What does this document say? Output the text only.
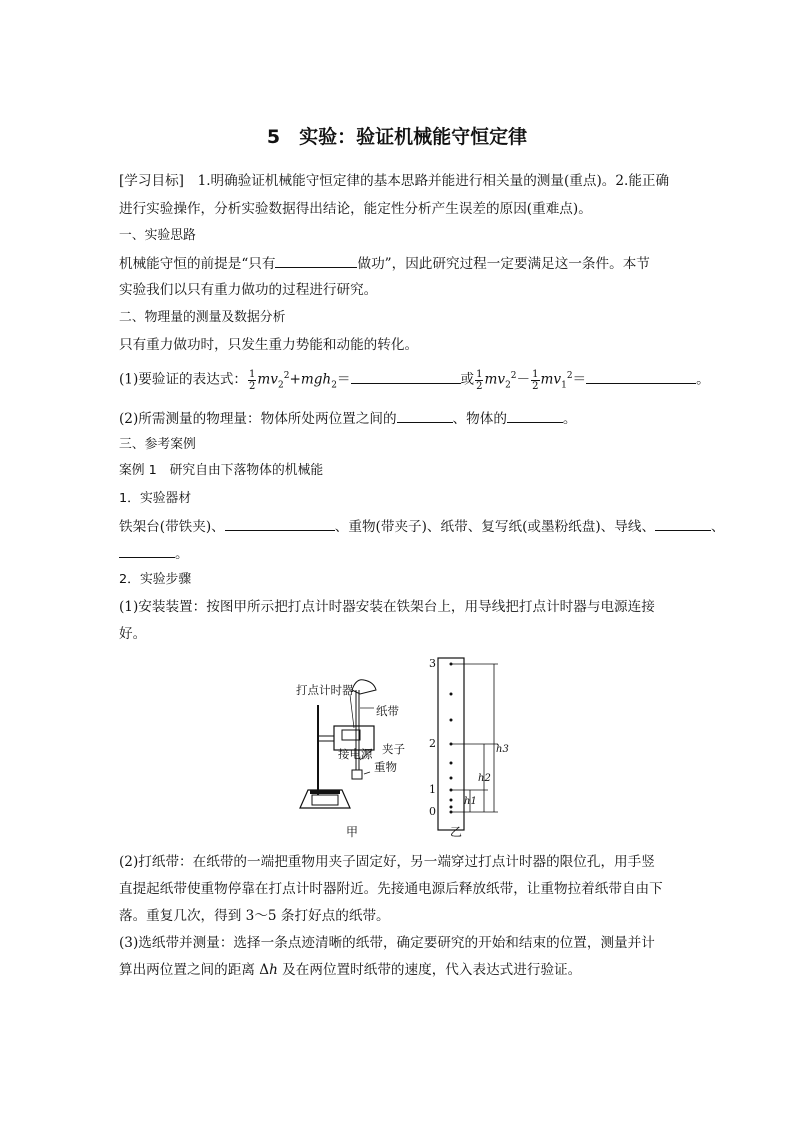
5　实验：验证机械能守恒定律
[学习目标]　1.明确验证机械能守恒定律的基本思路并能进行相关量的测量(重点)。2.能正确
进行实验操作，分析实验数据得出结论，能定性分析产生误差的原因(重难点)。
一、实验思路
机械能守恒的前提是“只有	做功”，因此研究过程一定要满足这一条件。本节
实验我们以只有重力做功的过程进行研究。
二、物理量的测量及数据分析
只有重力做功时，只发生重力势能和动能的转化。
(1)要验证的表达式： $\frac{1}{2} mv_2^2+mgh_2=$	或 $\frac{1}{2} mv_2^2- \frac{1}{2} mv_1^2=$	。
(2)所需测量的物理量：物体所处两位置之间的	、物体的	。
三、参考案例
案例 1　研究自由下落物体的机械能
1．实验器材
铁架台(带铁夹)、	、重物(带夹子)、纸带、复写纸(或墨粉纸盘)、导线、	、
。
2．实验步骤
(1)安装装置：按图甲所示把打点计时器安装在铁架台上，用导线把打点计时器与电源连接
好。
打点计时器
纸带
夹子
接电源
重物
甲	乙
3
2
1
0
h3
h2
h1
(2)打纸带：在纸带的一端把重物用夹子固定好，另一端穿过打点计时器的限位孔，用手竖
直提起纸带使重物停靠在打点计时器附近。先接通电源后释放纸带，让重物拉着纸带自由下
落。重复几次，得到 3～5 条打好点的纸带。
(3)选纸带并测量：选择一条点迹清晰的纸带，确定要研究的开始和结束的位置，测量并计
算出两位置之间的距离 Δh 及在两位置时纸带的速度，代入表达式进行验证。
